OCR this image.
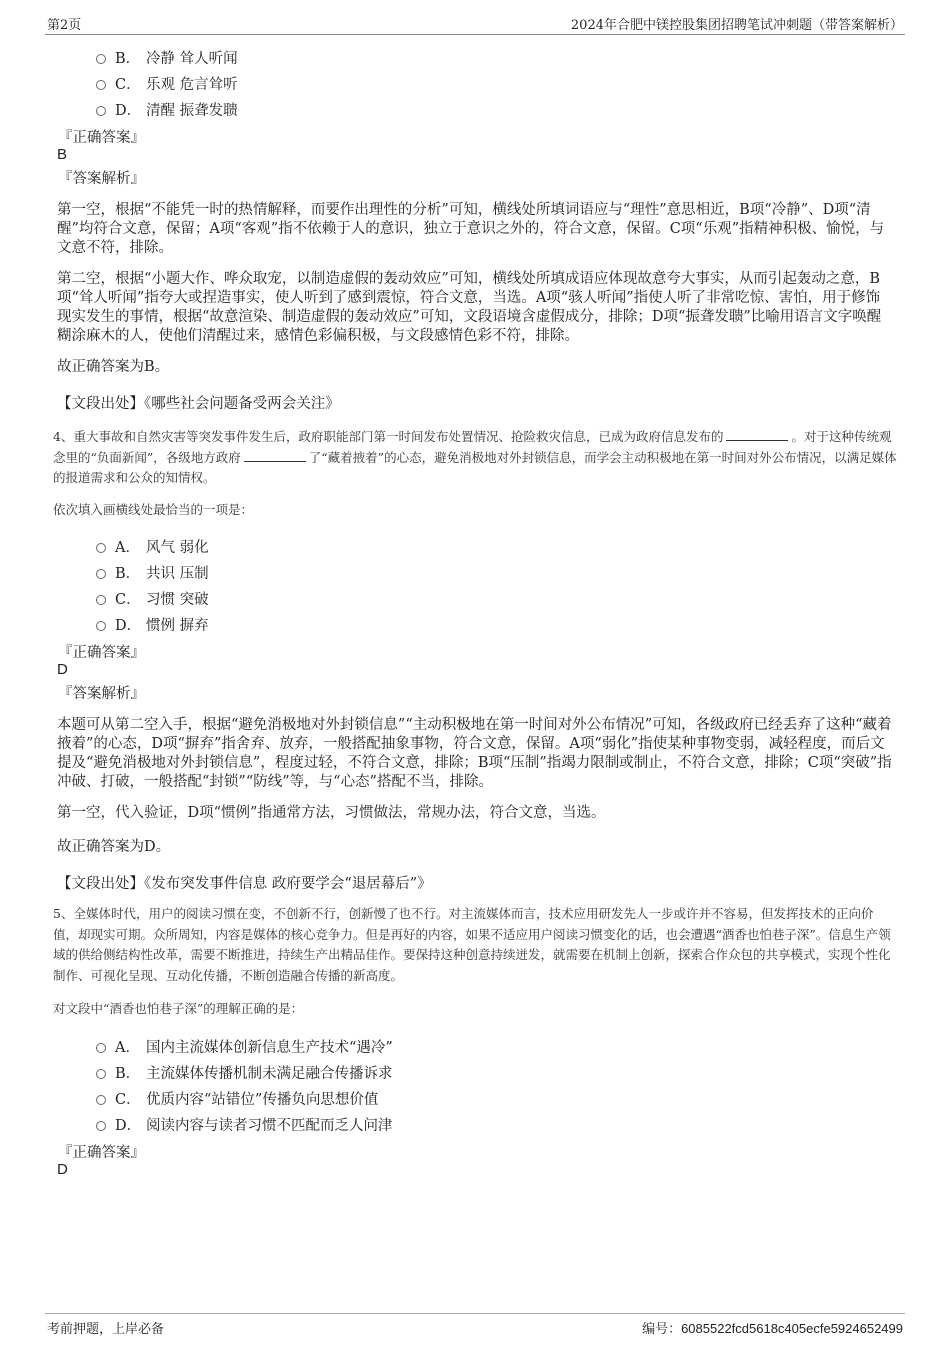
第2页	2024年合肥中镁控股集团招聘笔试冲刺题（带答案解析）
B． 冷静 耸人听闻
C． 乐观 危言耸听
D． 清醒 振聋发聩
『正确答案』
B
『答案解析』
第一空，根据“不能凭一时的热情解释，而要作出理性的分析”可知，横线处所填词语应与“理性”意思相近，B项“冷静”、D项“清醒”均符合文意，保留；A项“客观”指不依赖于人的意识，独立于意识之外的，符合文意，保留。C项“乐观”指精神积极、愉悦，与文意不符，排除。
第二空，根据“小题大作、哗众取宠，以制造虚假的轰动效应”可知，横线处所填成语应体现故意夸大事实，从而引起轰动之意，B项“耸人听闻”指夸大或捏造事实，使人听到了感到震惊，符合文意，当选。A项“骇人听闻”指使人听了非常吃惊、害怕，用于修饰现实发生的事情，根据“故意渲染、制造虚假的轰动效应”可知，文段语境含虚假成分，排除；D项“振聋发聩”比喻用语言文字唤醒糊涂麻木的人，使他们清醒过来，感情色彩偏积极，与文段感情色彩不符，排除。
故正确答案为B。
【文段出处】《哪些社会问题备受两会关注》
4、重大事故和自然灾害等突发事件发生后，政府职能部门第一时间发布处置情况、抢险救灾信息，已成为政府信息发布的	。对于这种传统观念里的“负面新闻”，各级地方政府	了“藏着掖着”的心态，避免消极地对外封锁信息，而学会主动积极地在第一时间对外公布情况，以满足媒体的报道需求和公众的知情权。
依次填入画横线处最恰当的一项是：
A． 风气 弱化
B． 共识 压制
C． 习惯 突破
D． 惯例 摒弃
『正确答案』
D
『答案解析』
本题可从第二空入手，根据“避免消极地对外封锁信息”“主动积极地在第一时间对外公布情况”可知，各级政府已经丢弃了这种“藏着掖着”的心态，D项“摒弃”指舍弃、放弃，一般搭配抽象事物，符合文意，保留。A项“弱化”指使某种事物变弱，减轻程度，而后文提及“避免消极地对外封锁信息”，程度过轻，不符合文意，排除；B项“压制”指竭力限制或制止，不符合文意，排除；C项“突破”指冲破、打破，一般搭配“封锁”“防线”等，与“心态”搭配不当，排除。
第一空，代入验证，D项“惯例”指通常方法，习惯做法，常规办法，符合文意，当选。
故正确答案为D。
【文段出处】《发布突发事件信息 政府要学会“退居幕后”》
5、全媒体时代，用户的阅读习惯在变，不创新不行，创新慢了也不行。对主流媒体而言，技术应用研发先人一步或许并不容易，但发挥技术的正向价值，却现实可期。众所周知，内容是媒体的核心竞争力。但是再好的内容，如果不适应用户阅读习惯变化的话，也会遭遇“酒香也怕巷子深”。信息生产领域的供给侧结构性改革，需要不断推进，持续生产出精品佳作。要保持这种创意持续迸发，就需要在机制上创新，探索合作众包的共享模式，实现个性化制作、可视化呈现、互动化传播，不断创造融合传播的新高度。
对文段中“酒香也怕巷子深”的理解正确的是：
A． 国内主流媒体创新信息生产技术“遇冷”
B． 主流媒体传播机制未满足融合传播诉求
C． 优质内容“站错位”传播负向思想价值
D． 阅读内容与读者习惯不匹配而乏人问津
『正确答案』
D
考前押题，上岸必备	编号：6085522fcd5618c405ecfe5924652499
